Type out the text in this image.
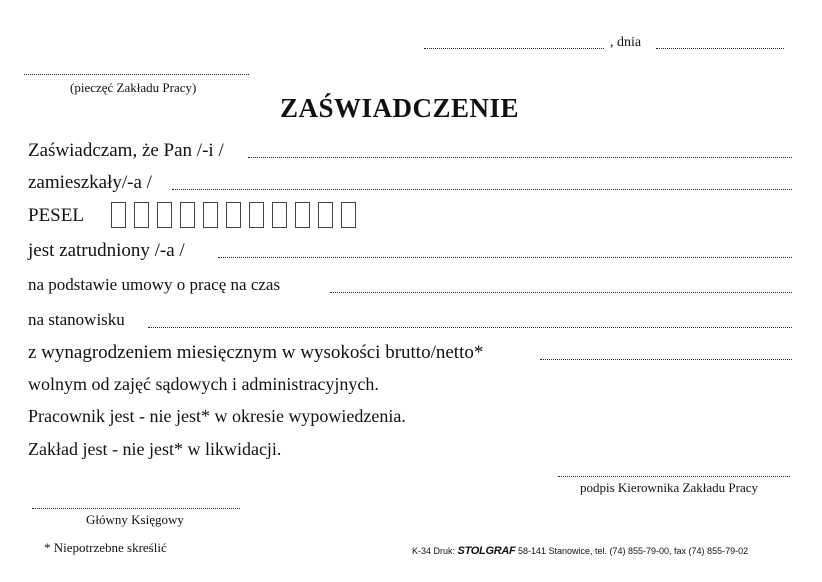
, dnia
(pieczęć Zakładu Pracy)
ZAŚWIADCZENIE
Zaświadczam, że Pan /-i /
zamieszkały/-a /
PESEL
jest zatrudniony /-a /
na podstawie umowy o pracę na czas
na stanowisku
z wynagrodzeniem miesięcznym w wysokości brutto/netto*
wolnym od zajęć sądowych i administracyjnych.
Pracownik jest - nie jest* w okresie wypowiedzenia.
Zakład jest - nie jest* w likwidacji.
podpis Kierownika Zakładu Pracy
Główny Księgowy
* Niepotrzebne skreślić	K-34 Druk: STOLGRAF 58-141 Stanowice, tel. (74) 855-79-00, fax (74) 855-79-02
